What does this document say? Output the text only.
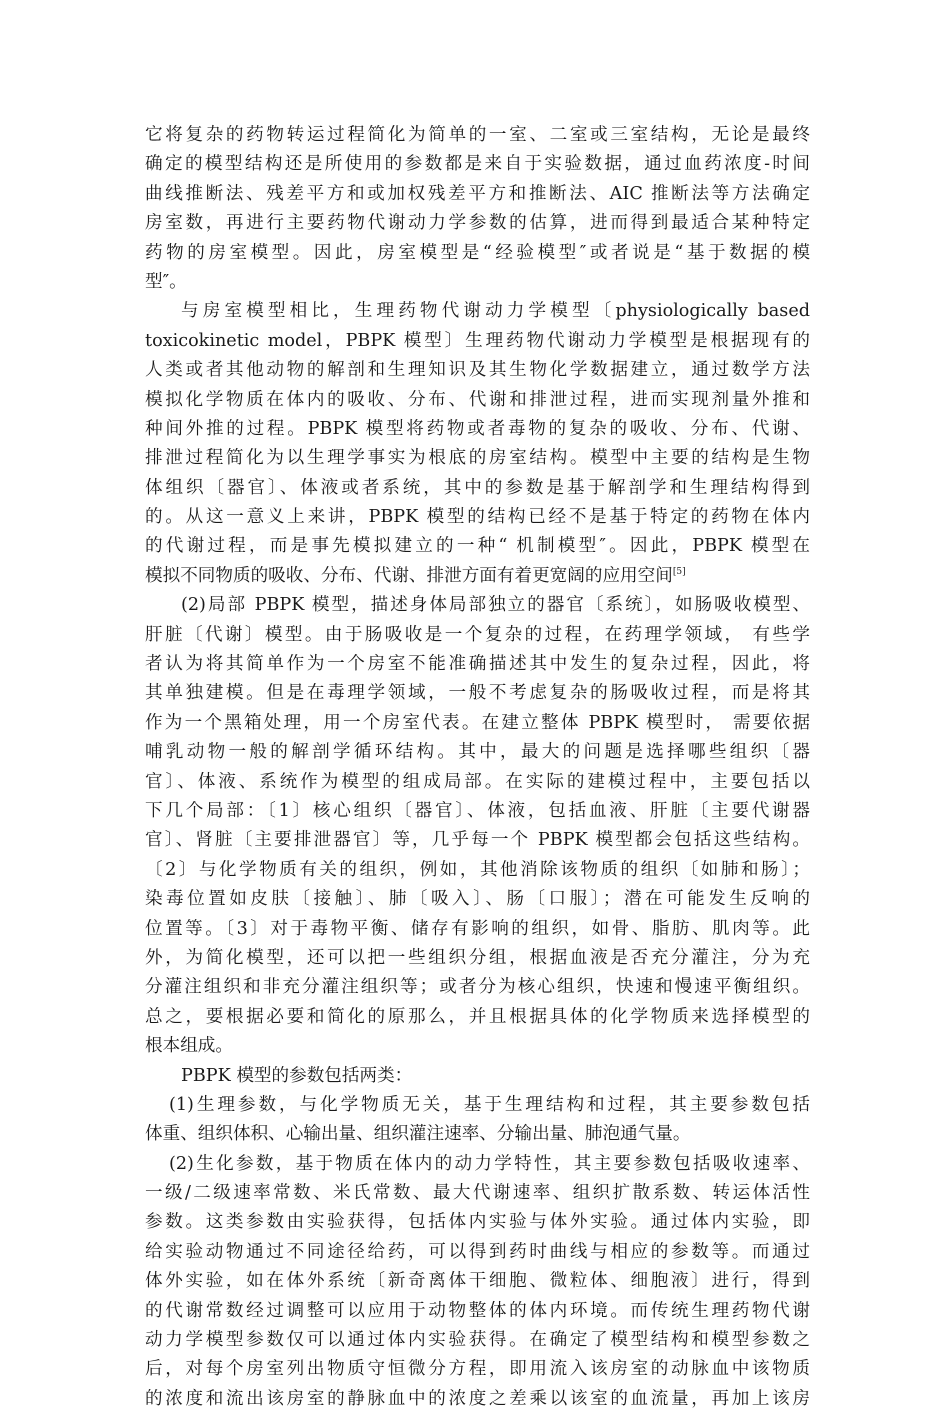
它将复杂的药物转运过程简化为简单的一室、二室或三室结构，无论是最终
确定的模型结构还是所使用的参数都是来自于实验数据，通过血药浓度-时间
曲线推断法、残差平方和或加权残差平方和推断法、AIC 推断法等方法确定
房室数，再进行主要药物代谢动力学参数的估算，进而得到最适合某种特定
药物的房室模型。因此，房室模型是“经验模型″或者说是“基于数据的模
型″。
与房室模型相比，生理药物代谢动力学模型〔physiologically based
toxicokinetic model，PBPK 模型〕生理药物代谢动力学模型是根据现有的
人类或者其他动物的解剖和生理知识及其生物化学数据建立，通过数学方法
模拟化学物质在体内的吸收、分布、代谢和排泄过程，进而实现剂量外推和
种间外推的过程。PBPK 模型将药物或者毒物的复杂的吸收、分布、代谢、
排泄过程简化为以生理学事实为根底的房室结构。模型中主要的结构是生物
体组织〔器官〕、体液或者系统，其中的参数是基于解剖学和生理结构得到
的。从这一意义上来讲，PBPK 模型的结构已经不是基于特定的药物在体内
的代谢过程，而是事先模拟建立的一种“ 机制模型″。因此，PBPK 模型在
模拟不同物质的吸收、分布、代谢、排泄方面有着更宽阔的应用空间[5]
(2)局部 PBPK 模型，描述身体局部独立的器官〔系统〕，如肠吸收模型、
肝脏〔代谢〕模型。由于肠吸收是一个复杂的过程，在药理学领域， 有些学
者认为将其简单作为一个房室不能准确描述其中发生的复杂过程，因此，将
其单独建模。但是在毒理学领域，一般不考虑复杂的肠吸收过程，而是将其
作为一个黑箱处理，用一个房室代表。在建立整体 PBPK 模型时， 需要依据
哺乳动物一般的解剖学循环结构。其中，最大的问题是选择哪些组织〔器
官〕、体液、系统作为模型的组成局部。在实际的建模过程中，主要包括以
下几个局部：〔1〕核心组织〔器官〕、体液，包括血液、肝脏〔主要代谢器
官〕、肾脏〔主要排泄器官〕等，几乎每一个 PBPK 模型都会包括这些结构。
〔2〕与化学物质有关的组织，例如，其他消除该物质的组织〔如肺和肠〕；
染毒位置如皮肤〔接触〕、肺〔吸入〕、肠〔口服〕；潜在可能发生反响的
位置等。〔3〕对于毒物平衡、储存有影响的组织，如骨、脂肪、肌肉等。此
外，为简化模型，还可以把一些组织分组，根据血液是否充分灌注，分为充
分灌注组织和非充分灌注组织等；或者分为核心组织，快速和慢速平衡组织。
总之，要根据必要和简化的原那么，并且根据具体的化学物质来选择模型的
根本组成。
PBPK 模型的参数包括两类：
(1)生理参数，与化学物质无关，基于生理结构和过程，其主要参数包括
体重、组织体积、心输出量、组织灌注速率、分输出量、肺泡通气量。
(2)生化参数，基于物质在体内的动力学特性，其主要参数包括吸收速率、
一级/二级速率常数、米氏常数、最大代谢速率、组织扩散系数、转运体活性
参数。这类参数由实验获得，包括体内实验与体外实验。通过体内实验，即
给实验动物通过不同途径给药，可以得到药时曲线与相应的参数等。而通过
体外实验，如在体外系统〔新奇离体干细胞、微粒体、细胞液〕进行，得到
的代谢常数经过调整可以应用于动物整体的体内环境。而传统生理药物代谢
动力学模型参数仅可以通过体内实验获得。在确定了模型结构和模型参数之
后，对每个房室列出物质守恒微分方程，即用流入该房室的动脉血中该物质
的浓度和流出该房室的静脉血中的浓度之差乘以该室的血流量，再加上该房
